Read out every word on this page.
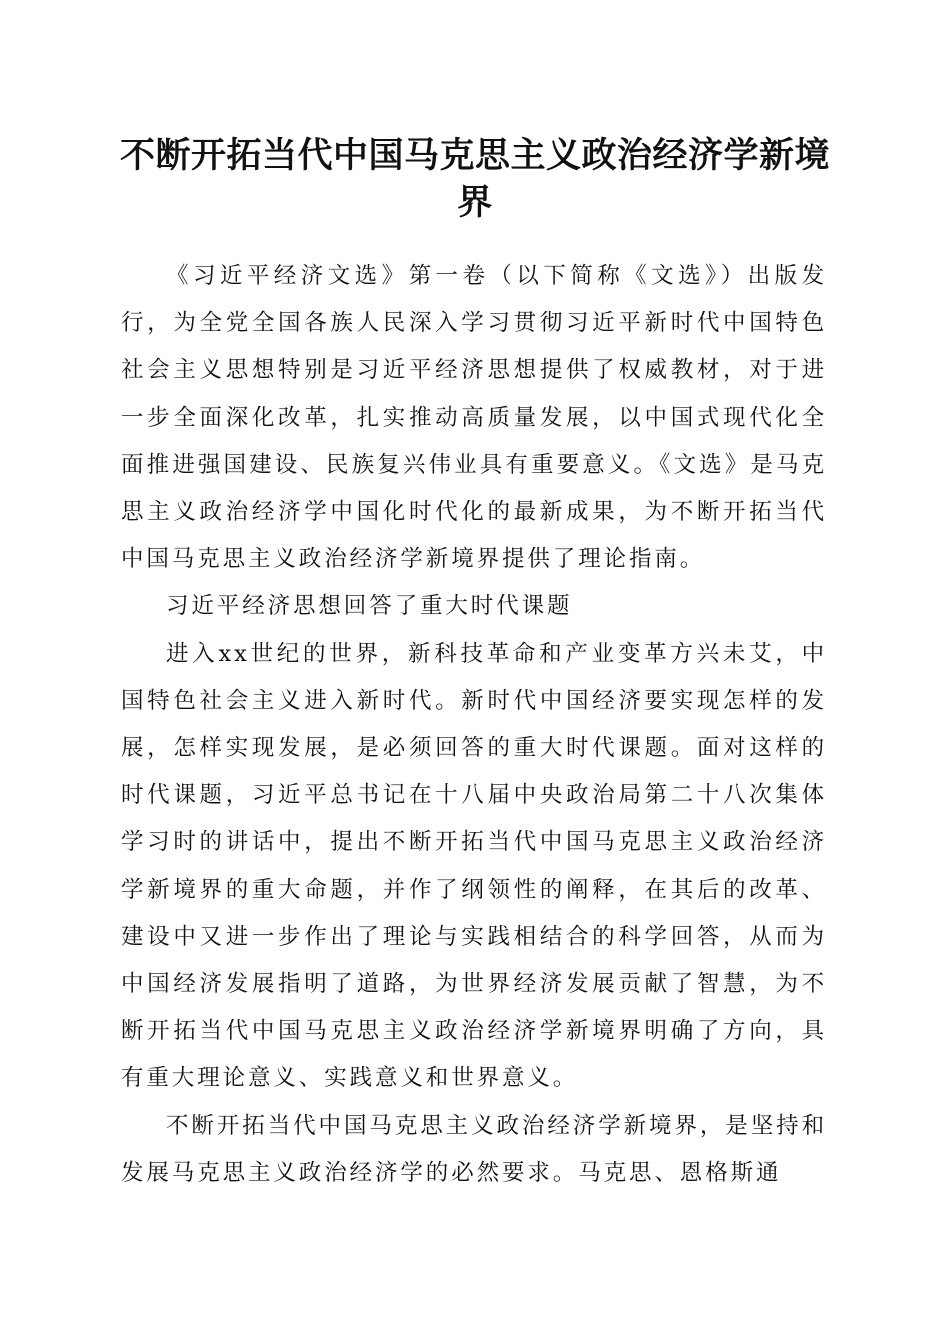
不断开拓当代中国马克思主义政治经济学新境界

《习近平经济文选》第一卷（以下简称《文选》）出版发行，为全党全国各族人民深入学习贯彻习近平新时代中国特色社会主义思想特别是习近平经济思想提供了权威教材，对于进一步全面深化改革，扎实推动高质量发展，以中国式现代化全面推进强国建设、民族复兴伟业具有重要意义。《文选》是马克思主义政治经济学中国化时代化的最新成果，为不断开拓当代中国马克思主义政治经济学新境界提供了理论指南。

习近平经济思想回答了重大时代课题

进入xx世纪的世界，新科技革命和产业变革方兴未艾，中国特色社会主义进入新时代。新时代中国经济要实现怎样的发展，怎样实现发展，是必须回答的重大时代课题。面对这样的时代课题，习近平总书记在十八届中央政治局第二十八次集体学习时的讲话中，提出不断开拓当代中国马克思主义政治经济学新境界的重大命题，并作了纲领性的阐释，在其后的改革、建设中又进一步作出了理论与实践相结合的科学回答，从而为中国经济发展指明了道路，为世界经济发展贡献了智慧，为不断开拓当代中国马克思主义政治经济学新境界明确了方向，具有重大理论意义、实践意义和世界意义。

不断开拓当代中国马克思主义政治经济学新境界，是坚持和发展马克思主义政治经济学的必然要求。马克思、恩格斯通
